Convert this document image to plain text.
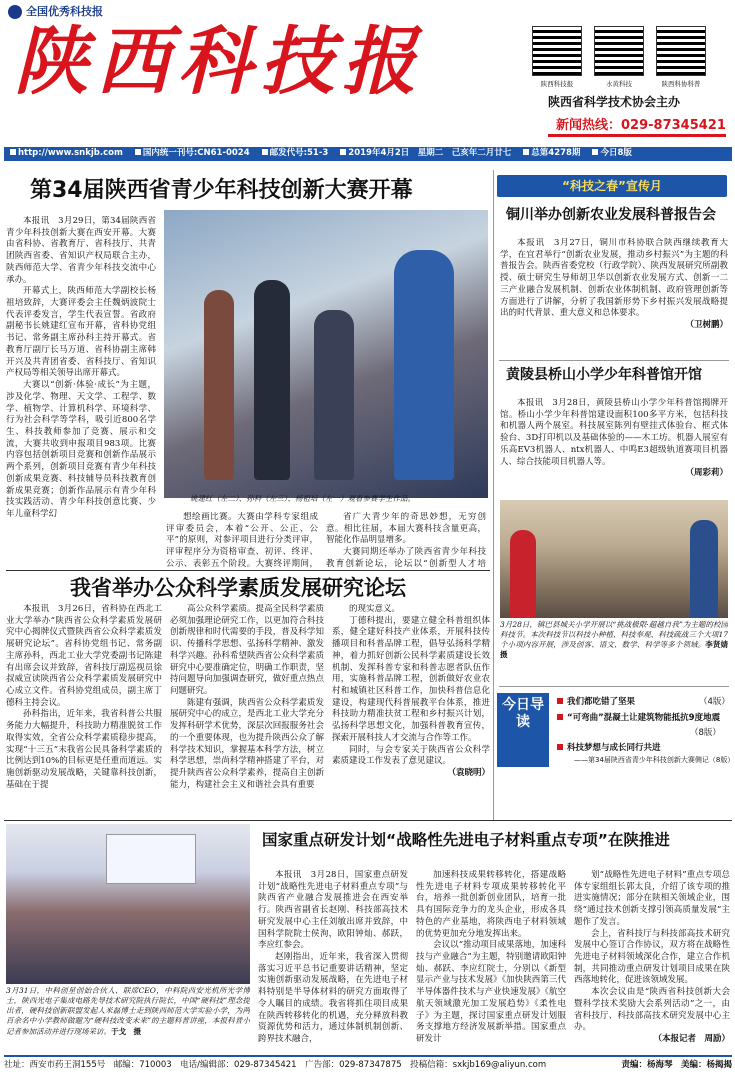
全国优秀科技报
陕西科技报	陕西科技报	水黄科技	陕西科协科普
陕西省科学技术协会主办
新闻热线：029-87345421
http://www.snkjb.com	国内统一刊号:CN61-0024	邮发代号:51-3	2019年4月2日　星期二　己亥年二月廿七	总第4278期	今日8版
第34届陕西省青少年科技创新大赛开幕

本报讯　3月29日，第34届陕西省青少年科技创新大赛在西安开幕。大赛由省科协、省教育厅、省科技厅、共青团陕西省委、省知识产权局联合主办，陕西师范大学、省青少年科技交流中心承办。

开幕式上，陕西师范大学副校长杨祖培致辞，大赛评委会主任魏炳波院士代表评委发言，学生代表宣誓。省政府副秘书长姚建红宣布开幕，省科协党组书记、常务副主席孙科主持开幕式。省教育厅副厅长马万道、省科协副主席韩开兴及共青团省委、省科技厅、省知识产权局等相关领导出席开幕式。

大赛以“创新·体验·成长”为主题，涉及化学、物理、天文学、工程学、数学、植物学、计算机科学、环境科学、行为社会科学等学科，吸引近800名学生、科技教师参加了竞赛、展示和交流，大赛共收到申报项目983项。比赛内容包括创新项目竞赛和创新作品展示两个系列，创新项目竞赛有青少年科技创新成果竞赛、科技辅导员科技教育创新成果竞赛；创新作品展示有青少年科技实践活动、青少年科技创意比赛、少年儿童科学幻

姚建红（左二）、孙科（左三）、杨祖培（左一）观看参赛学生作品。

想绘画比赛。大赛由学科专家组成评审委员会，本着“公开、公正、公平”的原则，对参评项目进行分类评审，评审程序分为资格审查、初评、终评、公示、表彰五个阶段。大赛终评期间，

省广大青少年的奇思妙想，无穷创意。相比往届，本届大赛科技含量更高，智能化作品明显增多。

大赛同期还举办了陕西省青少年科技教育创新论坛，论坛以“创新型人才培

我省举办公众科学素质发展研究论坛

本报讯　3月26日，省科协在西北工业大学举办“陕西省公众科学素质发展研究中心揭牌仪式暨陕西省公众科学素质发展研究论坛”。省科协党组书记、常务副主席孙科，西北工业大学党委副书记陈建有出席会议并致辞，省科技厅副巡视员徐叔威宣读陕西省公众科学素质发展研究中心成立文件。省科协党组成员，副主席丁德科主持会议。

孙科指出，近年来，我省科普公共服务能力大幅提升，科技助力精准脱贫工作取得实效，全省公众科学素质稳步提高，实现“十三五”末我省公民具备科学素质的比例达到10%的目标更是任重而道远。实施创新驱动发展战略，关键靠科技创新，基础在于提

高公众科学素质。提高全民科学素质必须加强理论研究工作，以更加符合科技创新规律和时代需要的手段，普及科学知识、传播科学思想、弘扬科学精神、激发科学兴趣。孙科希望陕西省公众科学素质研究中心要准确定位，明确工作职责，坚持问题导向加强调查研究，做好重点热点问题研究。

陈建有强调，陕西省公众科学素质发展研究中心的成立，是西北工业大学充分发挥科研学术优势，深层次回报服务社会的一个重要体现，也为提升陕西公众了解科学技术知识，掌握基本科学方法，树立科学思想，崇尚科学精神搭建了平台，对提升陕西省公众科学素养，提高自主创新能力，构建社会主义和谐社会具有重要

的现实意义。

丁德科提出，要建立健全科普组织体系，健全建好科技产业体系，开展科技传播项目和科普品牌工程，倡导弘扬科学精神，着力抓好创新公民科学素质建设长效机制、发挥科普专家和科普志愿者队伍作用，实施科普品牌工程，创新做好农业农村和城镇社区科普工作，加快科普信息化建设，构建现代科普展教平台体系，推进科技助力精准扶贫工程和乡村振兴计划，弘扬科学思想文化，加强科普教育宣传，探索开展科技人才交流与合作等工作。

同时，与会专家关于陕西省公众科学素质建设工作发表了意见建议。

（袁晓明）

“科技之春”宣传月
铜川举办创新农业发展科普报告会

本报讯　3月27日，铜川市科协联合陕西继续教育大学，在宜君举行“创新农业发展，推动乡村振兴”为主题的科普报告会。陕西省委党校（行政学院）、陕西发展研究所副教授、硕士研究生导师胡卫华以创新农业发展方式、创新一二三产业融合发展机制、创新农业体制机制、政府管理创新等方面进行了讲解，分析了我国新形势下乡村振兴发展战略提出的时代背景、重大意义和总体要求。

（卫树鹏）

黄陵县桥山小学少年科普馆开馆

本报讯　3月28日，黄陵县桥山小学少年科普馆揭牌开馆。桥山小学少年科普馆建设面积100多平方米，包括科技和机器人两个展室。科技展室陈列有壁挂式体验台、框式体验台、3D打印机以及基础体验的——木工坊。机器人展室有乐高EV3机器人、ntx机器人、中鸣E3超级轨道赛项目机器人、综合技能项目机器人等。

（周彩莉）

3月28日，镇巴县城关小学开展以“挑战极限·超越自我”为主题的校园科技节。本次科技节以科技小种植、科技奉观、科技疏战三个大项17个小项内容开展，涉及创客、语文、数学、科学等多个领域。李贤婧　摄
今日导读
我们都吃错了坚果	（4版）
“可弯曲”混凝土让建筑物能抵抗9度地震
（8版）
科技梦想与成长同行共进
——第34届陕西省青少年科技创新大赛侧记（8版）
3月31日，中科创星创始合伙人、联席CEO，中科院西安光机所光学博士，陕西光电子集成电路先导技术研究院执行院长，中国“硬科技”理念提出者，硬科技创新联盟发起人米磊博士走到陕西师范大学实验小学，为两百余名中小学教师做题为“硬科技改变未来”的主题科普讲座，本报科普小记者参加活动并进行现场采访。于戈　摄
国家重点研发计划“战略性先进电子材料重点专项”在陕推进

本报讯　3月28日，国家重点研发计划“战略性先进电子材料重点专项”与陕西省产业融合发展推进会在西安举行。陕西省副省长赵刚、科技部高技术研究发展中心主任刘敏出席并致辞，中国科学院院士侯洵，欧阳钟灿、郝跃，李应红参会。

赵刚指出，近年来，我省深入贯彻落实习近平总书记重要讲话精神，坚定实施创新驱动发展战略，在先进电子材料特别是半导体材料的研究方面取得了令人瞩目的成绩。我省将抓住项目成果在陕西转移转化的机遇，充分释放科教资源优势和活力，通过体制机制创新、跨界技术融合，

加速科技成果转移转化，搭建战略性先进电子材料专项成果转移转化平台，培养一批创新创业团队，培育一批具有国际竞争力的龙头企业，形成各具特色的产业基地，将陕西电子材料领域的优势更加充分地发挥出来。

会议以“推动项目成果落地，加速科技与产业融合”为主题，特别邀请欧阳钟灿、郝跃、李应红院士，分别以《新型显示产业与技术发展》《加快陕西第三代半导体器件技术与产业快速发展》《航空航天领域激光加工发展趋势》《柔性电子》为主题，探讨国家重点研发计划服务支撑地方经济发展新举措。国家重点研发计

划“战略性先进电子材料”重点专项总体专家组组长郭太良，介绍了该专项的推进实施情况；部分在陕相关领域企业，围绕“通过技术创新支撑引领高质量发展”主题作了发言。

会上，省科技厅与科技部高技术研究发展中心签订合作协议，双方将在战略性先进电子材料领域深化合作，建立合作机制，共同推动重点研发计划项目成果在陕西落地转化，促进该领域发展。

本次会议由是“陕西省科技创新大会暨科学技术奖励大会系列活动”之一，由省科技厅、科技部高技术研究发展中心主办。

（本报记者　周励）

社址：西安市药王洞155号　邮编：710003　电话/编辑部：029-87345421　广告部：029-87347875　投稿信箱：sxkjb169@aliyun.com	责编：杨海琴　美编：杨揭揭
